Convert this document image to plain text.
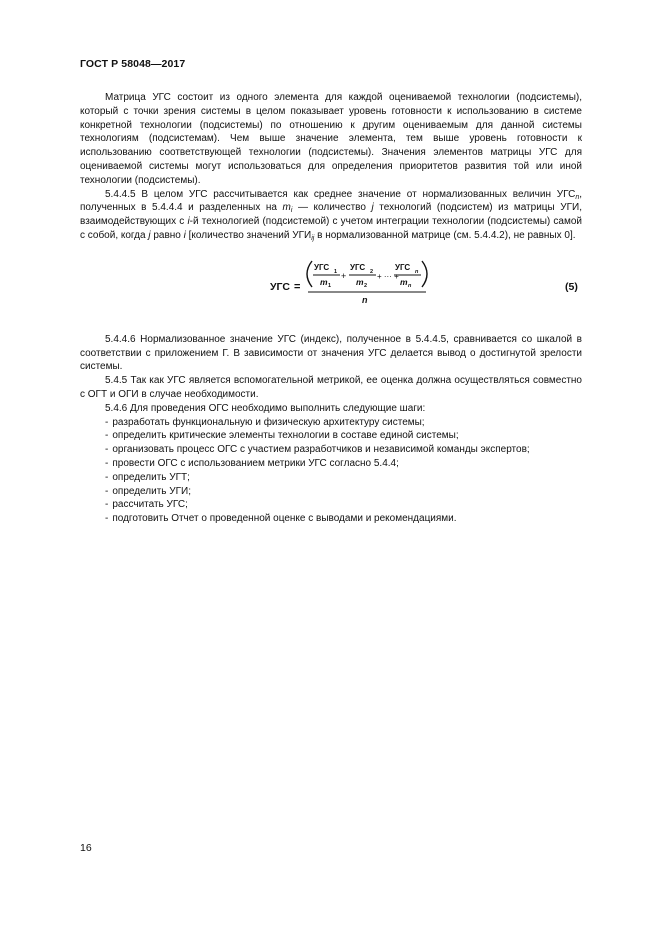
ГОСТ Р 58048—2017

Матрица УГС состоит из одного элемента для каждой оцениваемой технологии (подсистемы), который с точки зрения системы в целом показывает уровень готовности к использованию в системе конкретной технологии (подсистемы) по отношению к другим оцениваемым для данной системы технологиям (подсистемам). Чем выше значение элемента, тем выше уровень готовности к использованию соответствующей технологии (подсистемы). Значения элементов матрицы УГС для оцениваемой системы могут использоваться для определения приоритетов развития той или иной технологии (подсистемы).

5.4.4.5 В целом УГС рассчитывается как среднее значение от нормализованных величин $УГС_n$, полученных в 5.4.4.4 и разделенных на $m_i$ — количество j технологий (подсистем) из матрицы УГИ, взаимодействующих с i-й технологией (подсистемой) с учетом интеграции технологии (подсистемы) самой с собой, когда j равно i [количество значений $УГИ_{ij}$ в нормализованной матрице (см. 5.4.4.2), не равных 0].

УГС =
УГС 1
m 1
+
УГС 2
m 2
+ ··· +
УГС n
m n
n
(5)

5.4.4.6 Нормализованное значение УГС (индекс), полученное в 5.4.4.5, сравнивается со шкалой в соответствии с приложением Г. В зависимости от значения УГС делается вывод о достигнутой зрелости системы.

5.4.5 Так как УГС является вспомогательной метрикой, ее оценка должна осуществляться совместно с ОГТ и ОГИ в случае необходимости.

5.4.6 Для проведения ОГС необходимо выполнить следующие шаги:

- разработать функциональную и физическую архитектуру системы;
- определить критические элементы технологии в составе единой системы;
- организовать процесс ОГС с участием разработчиков и независимой команды экспертов;
- провести ОГС с использованием метрики УГС согласно 5.4.4;
- определить УГТ;
- определить УГИ;
- рассчитать УГС;
- подготовить Отчет о проведенной оценке с выводами и рекомендациями.
16
